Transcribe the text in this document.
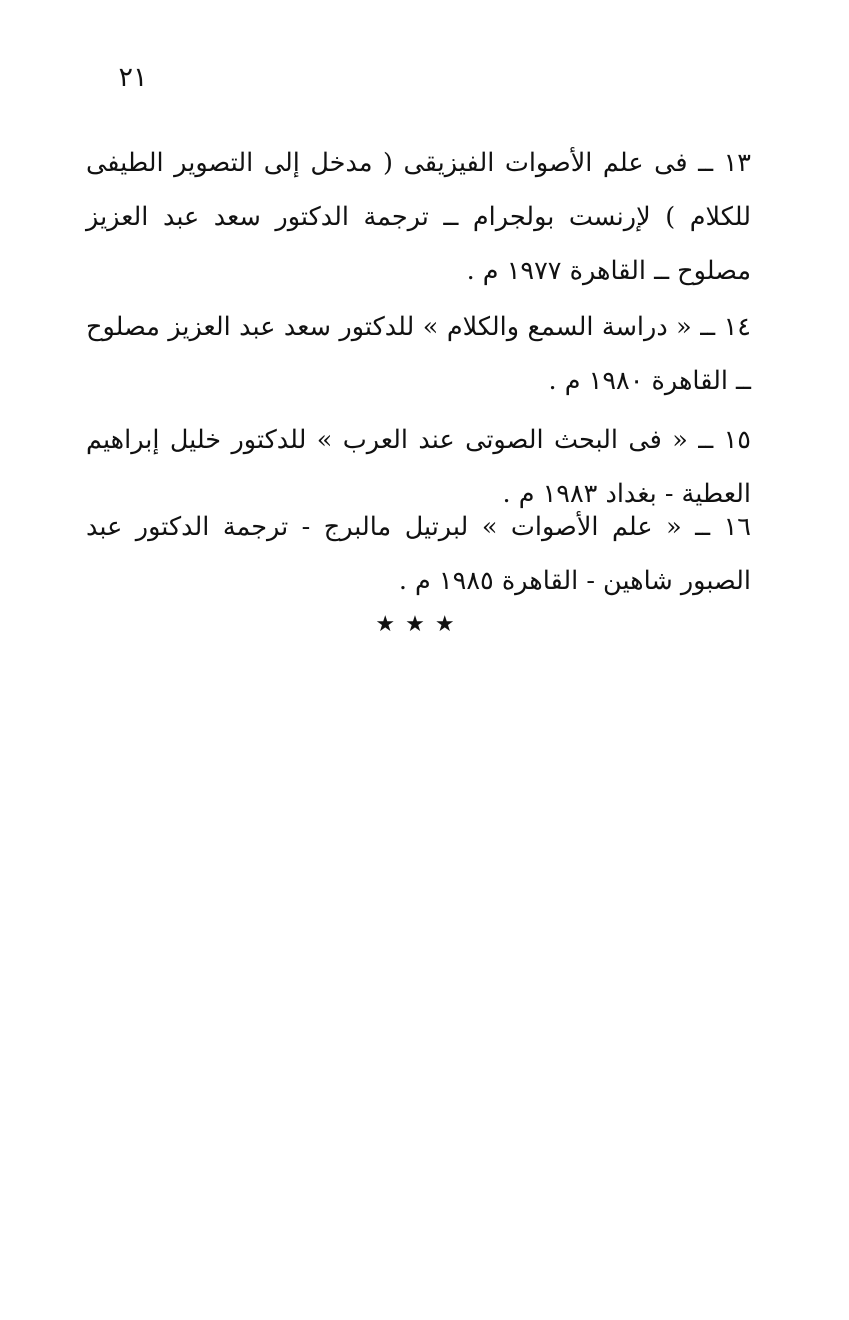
٢١

١٣ ــ فى علم الأصوات الفيزيقى ( مدخل إلى التصوير الطيفى للكلام ) لإرنست بولجرام ــ ترجمة الدكتور سعد عبد العزيز مصلوح ــ القاهرة ١٩٧٧ م .

١٤ ــ « دراسة السمع والكلام » للدكتور سعد عبد العزيز مصلوح ــ القاهرة ١٩٨٠ م .

١٥ ــ « فى البحث الصوتى عند العرب » للدكتور خليل إبراهيم العطية - بغداد ١٩٨٣ م .

١٦ ــ « علم الأصوات » لبرتيل مالبرج - ترجمة الدكتور عبد الصبور شاهين - القاهرة ١٩٨٥ م .

★★★
